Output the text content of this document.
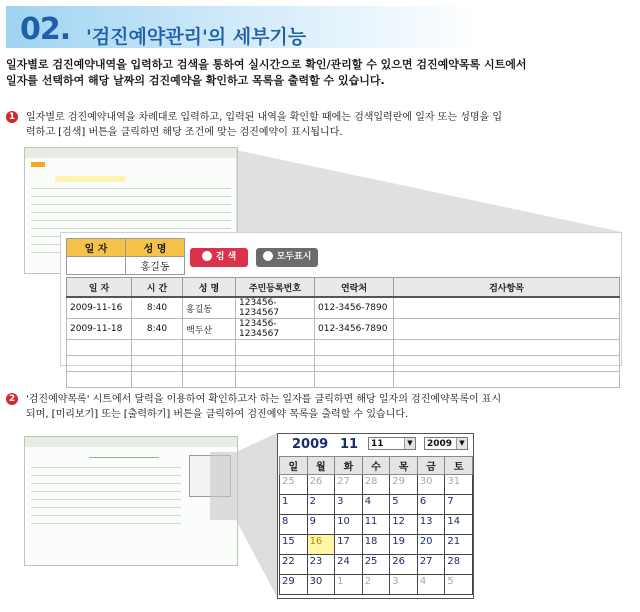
02. '검진예약관리'의 세부기능
일자별로 검진예약내역을 입력하고 검색을 통하여 실시간으로 확인/관리할 수 있으면 검진예약목록 시트에서
일자를 선택하여 해당 날짜의 검진예약을 확인하고 목록을 출력할 수 있습니다.
1 일자별로 검진예약내역을 차례대로 입력하고, 입력된 내역을 확인할 때에는 검색입력란에 일자 또는 성명을 입
력하고 [검색] 버튼을 클릭하면 해당 조건에 맞는 검진예약이 표시됩니다.
일 자	성 명
	홍길동
검 색	모두표시
일 자	시 간	성 명	주민등록번호	연락처	검사항목
2009-11-16	8:40	홍길동	123456-1234567	012-3456-7890	
2009-11-18	8:40	백두산	123456-1234567	012-3456-7890	

2 '검진예약목록' 시트에서 달력을 이용하여 확인하고자 하는 일자를 클릭하면 해당 일자의 검진예약목록이 표시
되며, [미리보기] 또는 [출력하기] 버튼을 클릭하여 검진예약 목록을 출력할 수 있습니다.
2009 11	11	▼	2009	▼
일	월	화	수	목	금	토
25	26	27	28	29	30	31
1	2	3	4	5	6	7
8	9	10	11	12	13	14
15	16	17	18	19	20	21
22	23	24	25	26	27	28
29	30	1	2	3	4	5
